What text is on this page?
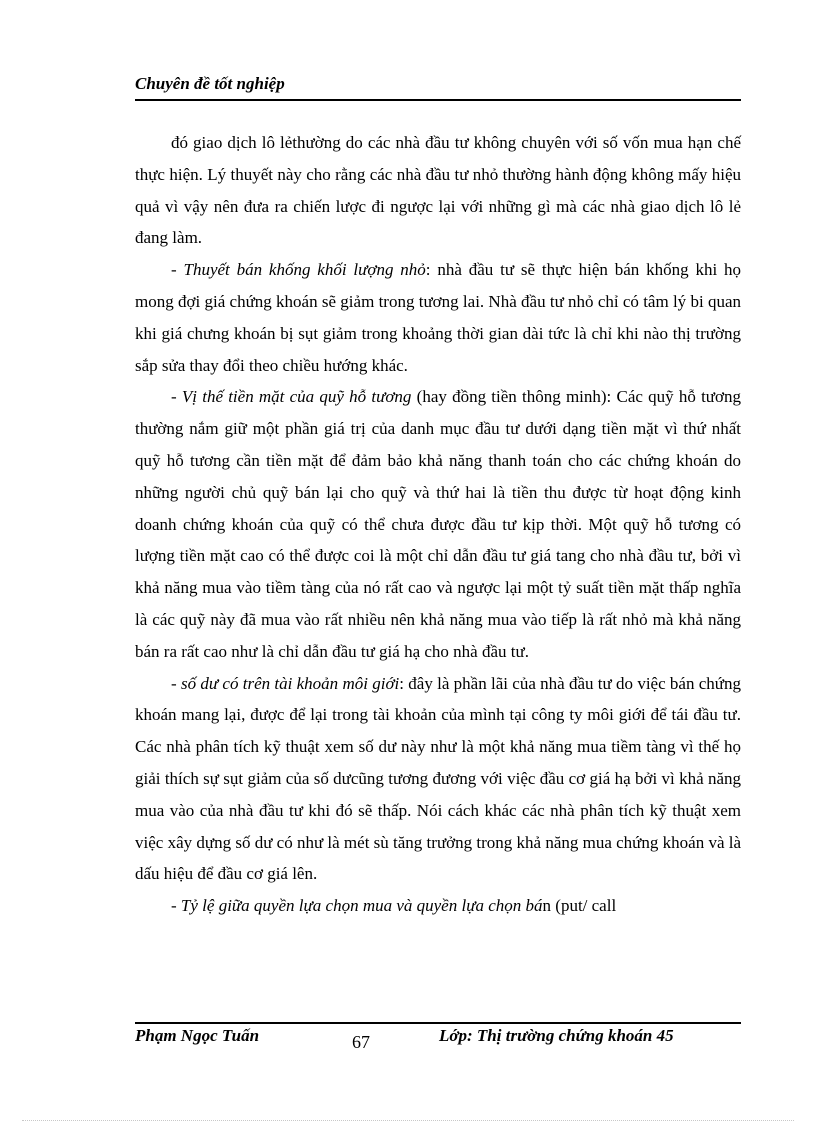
Chuyên đề tốt nghiệp

đó giao dịch lô lẻthường do các nhà đầu tư không chuyên với số vốn mua hạn chế thực hiện. Lý thuyết này cho rằng các nhà đầu tư nhỏ thường hành động không mấy hiệu quả vì vậy nên đưa ra chiến lược đi ngược lại với những gì mà các nhà giao dịch lô lẻ đang làm.

- Thuyết bán khống khối lượng nhỏ: nhà đầu tư sẽ thực hiện bán khống khi họ mong đợi giá chứng khoán sẽ giảm trong tương lai. Nhà đầu tư nhỏ chỉ có tâm lý bi quan khi giá chưng khoán bị sụt giảm trong khoảng thời gian dài tức là chỉ khi nào thị trường sắp sửa thay đổi theo chiều hướng khác.

- Vị thế tiền mặt của quỹ hỗ tương (hay đồng tiền thông minh): Các quỹ hỗ tương thường nắm giữ một phần giá trị của danh mục đầu tư dưới dạng tiền mặt vì thứ nhất quỹ hỗ tương cần tiền mặt để đảm bảo khả năng thanh toán cho các chứng khoán do những người chủ quỹ bán lại cho quỹ và thứ hai là tiền thu được từ hoạt động kinh doanh chứng khoán của quỹ có thể chưa được đầu tư kịp thời. Một quỹ hỗ tương có lượng tiền mặt cao có thể được coi là một chỉ dẫn đầu tư giá tang cho nhà đầu tư, bởi vì khả năng mua vào tiềm tàng của nó rất cao và ngược lại một tỷ suất tiền mặt thấp nghĩa là các quỹ này đã mua vào rất nhiều nên khả năng mua vào tiếp là rất nhỏ mà khả năng bán ra rất cao như là chỉ dẫn đầu tư giá hạ cho nhà đầu tư.

- số dư có trên tài khoản môi giới: đây là phần lãi của nhà đầu tư do việc bán chứng khoán mang lại, được để lại trong tài khoản của mình tại công ty môi giới để tái đầu tư. Các nhà phân tích kỹ thuật xem số dư này như là một khả năng mua tiềm tàng vì thế họ giải thích sự sụt giảm của số dưcũng tương đương với việc đầu cơ giá hạ bởi vì khả năng mua vào của nhà đầu tư khi đó sẽ thấp. Nói cách khác các nhà phân tích kỹ thuật xem việc xây dựng số dư có như là mét sù tăng trưởng trong khả năng mua chứng khoán và là dấu hiệu để đầu cơ giá lên.

- Tỷ lệ giữa quyền lựa chọn mua và quyền lựa chọn bán (put/ call

Phạm Ngọc Tuấn	67	Lớp: Thị trường chứng khoán 45
